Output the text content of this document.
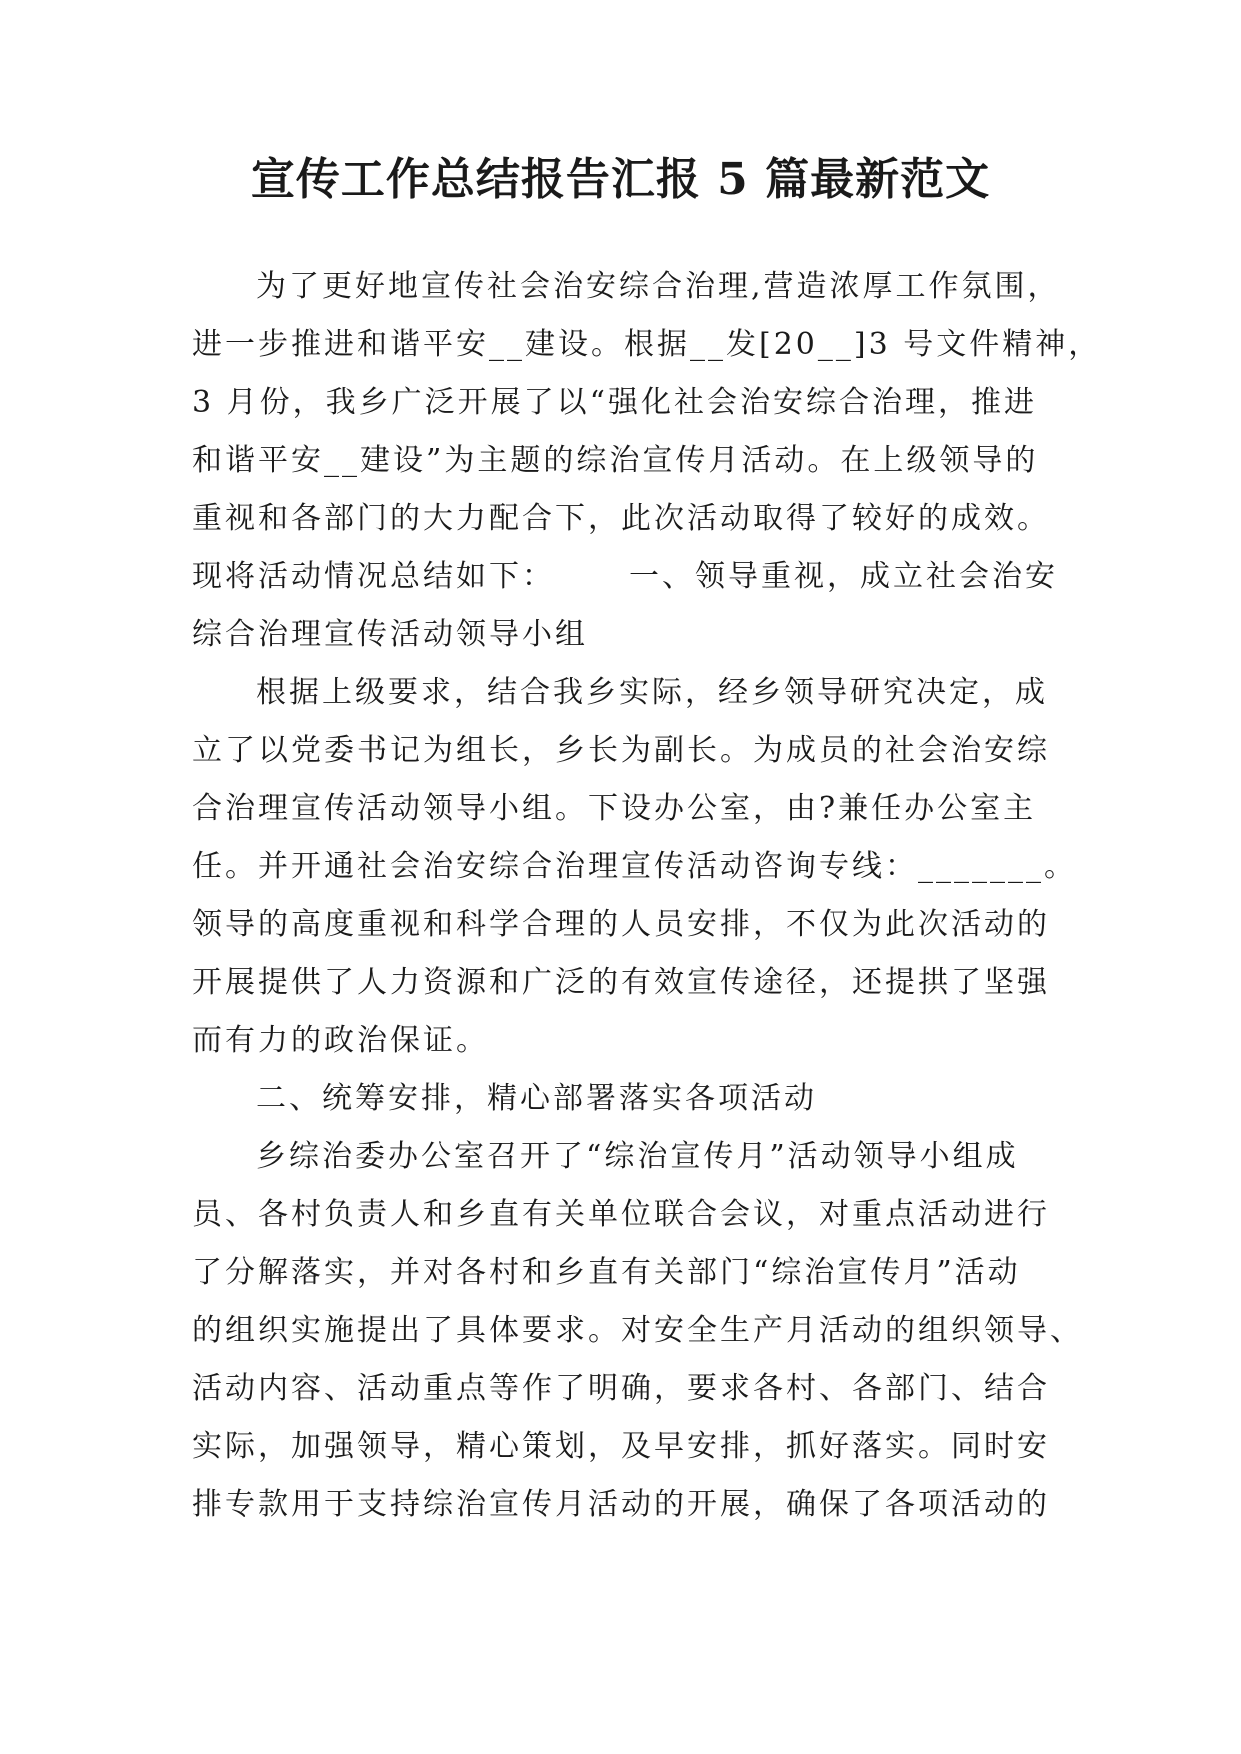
宣传工作总结报告汇报 5 篇最新范文

为了更好地宣传社会治安综合治理,营造浓厚工作氛围，

进一步推进和谐平安__建设。根据__发[20__]3 号文件精神，

3 月份，我乡广泛开展了以“强化社会治安综合治理，推进

和谐平安__建设”为主题的综治宣传月活动。在上级领导的

重视和各部门的大力配合下，此次活动取得了较好的成效。

现将活动情况总结如下： 一、领导重视，成立社会治安

综合治理宣传活动领导小组

根据上级要求，结合我乡实际，经乡领导研究决定，成

立了以党委书记为组长，乡长为副长。为成员的社会治安综

合治理宣传活动领导小组。下设办公室，由?兼任办公室主

任。并开通社会治安综合治理宣传活动咨询专线：_______。

领导的高度重视和科学合理的人员安排，不仅为此次活动的

开展提供了人力资源和广泛的有效宣传途径，还提拱了坚强

而有力的政治保证。

二、统筹安排，精心部署落实各项活动

乡综治委办公室召开了“综治宣传月”活动领导小组成

员、各村负责人和乡直有关单位联合会议，对重点活动进行

了分解落实，并对各村和乡直有关部门“综治宣传月”活动

的组织实施提出了具体要求。对安全生产月活动的组织领导、

活动内容、活动重点等作了明确，要求各村、各部门、结合

实际，加强领导，精心策划，及早安排，抓好落实。同时安

排专款用于支持综治宣传月活动的开展，确保了各项活动的
